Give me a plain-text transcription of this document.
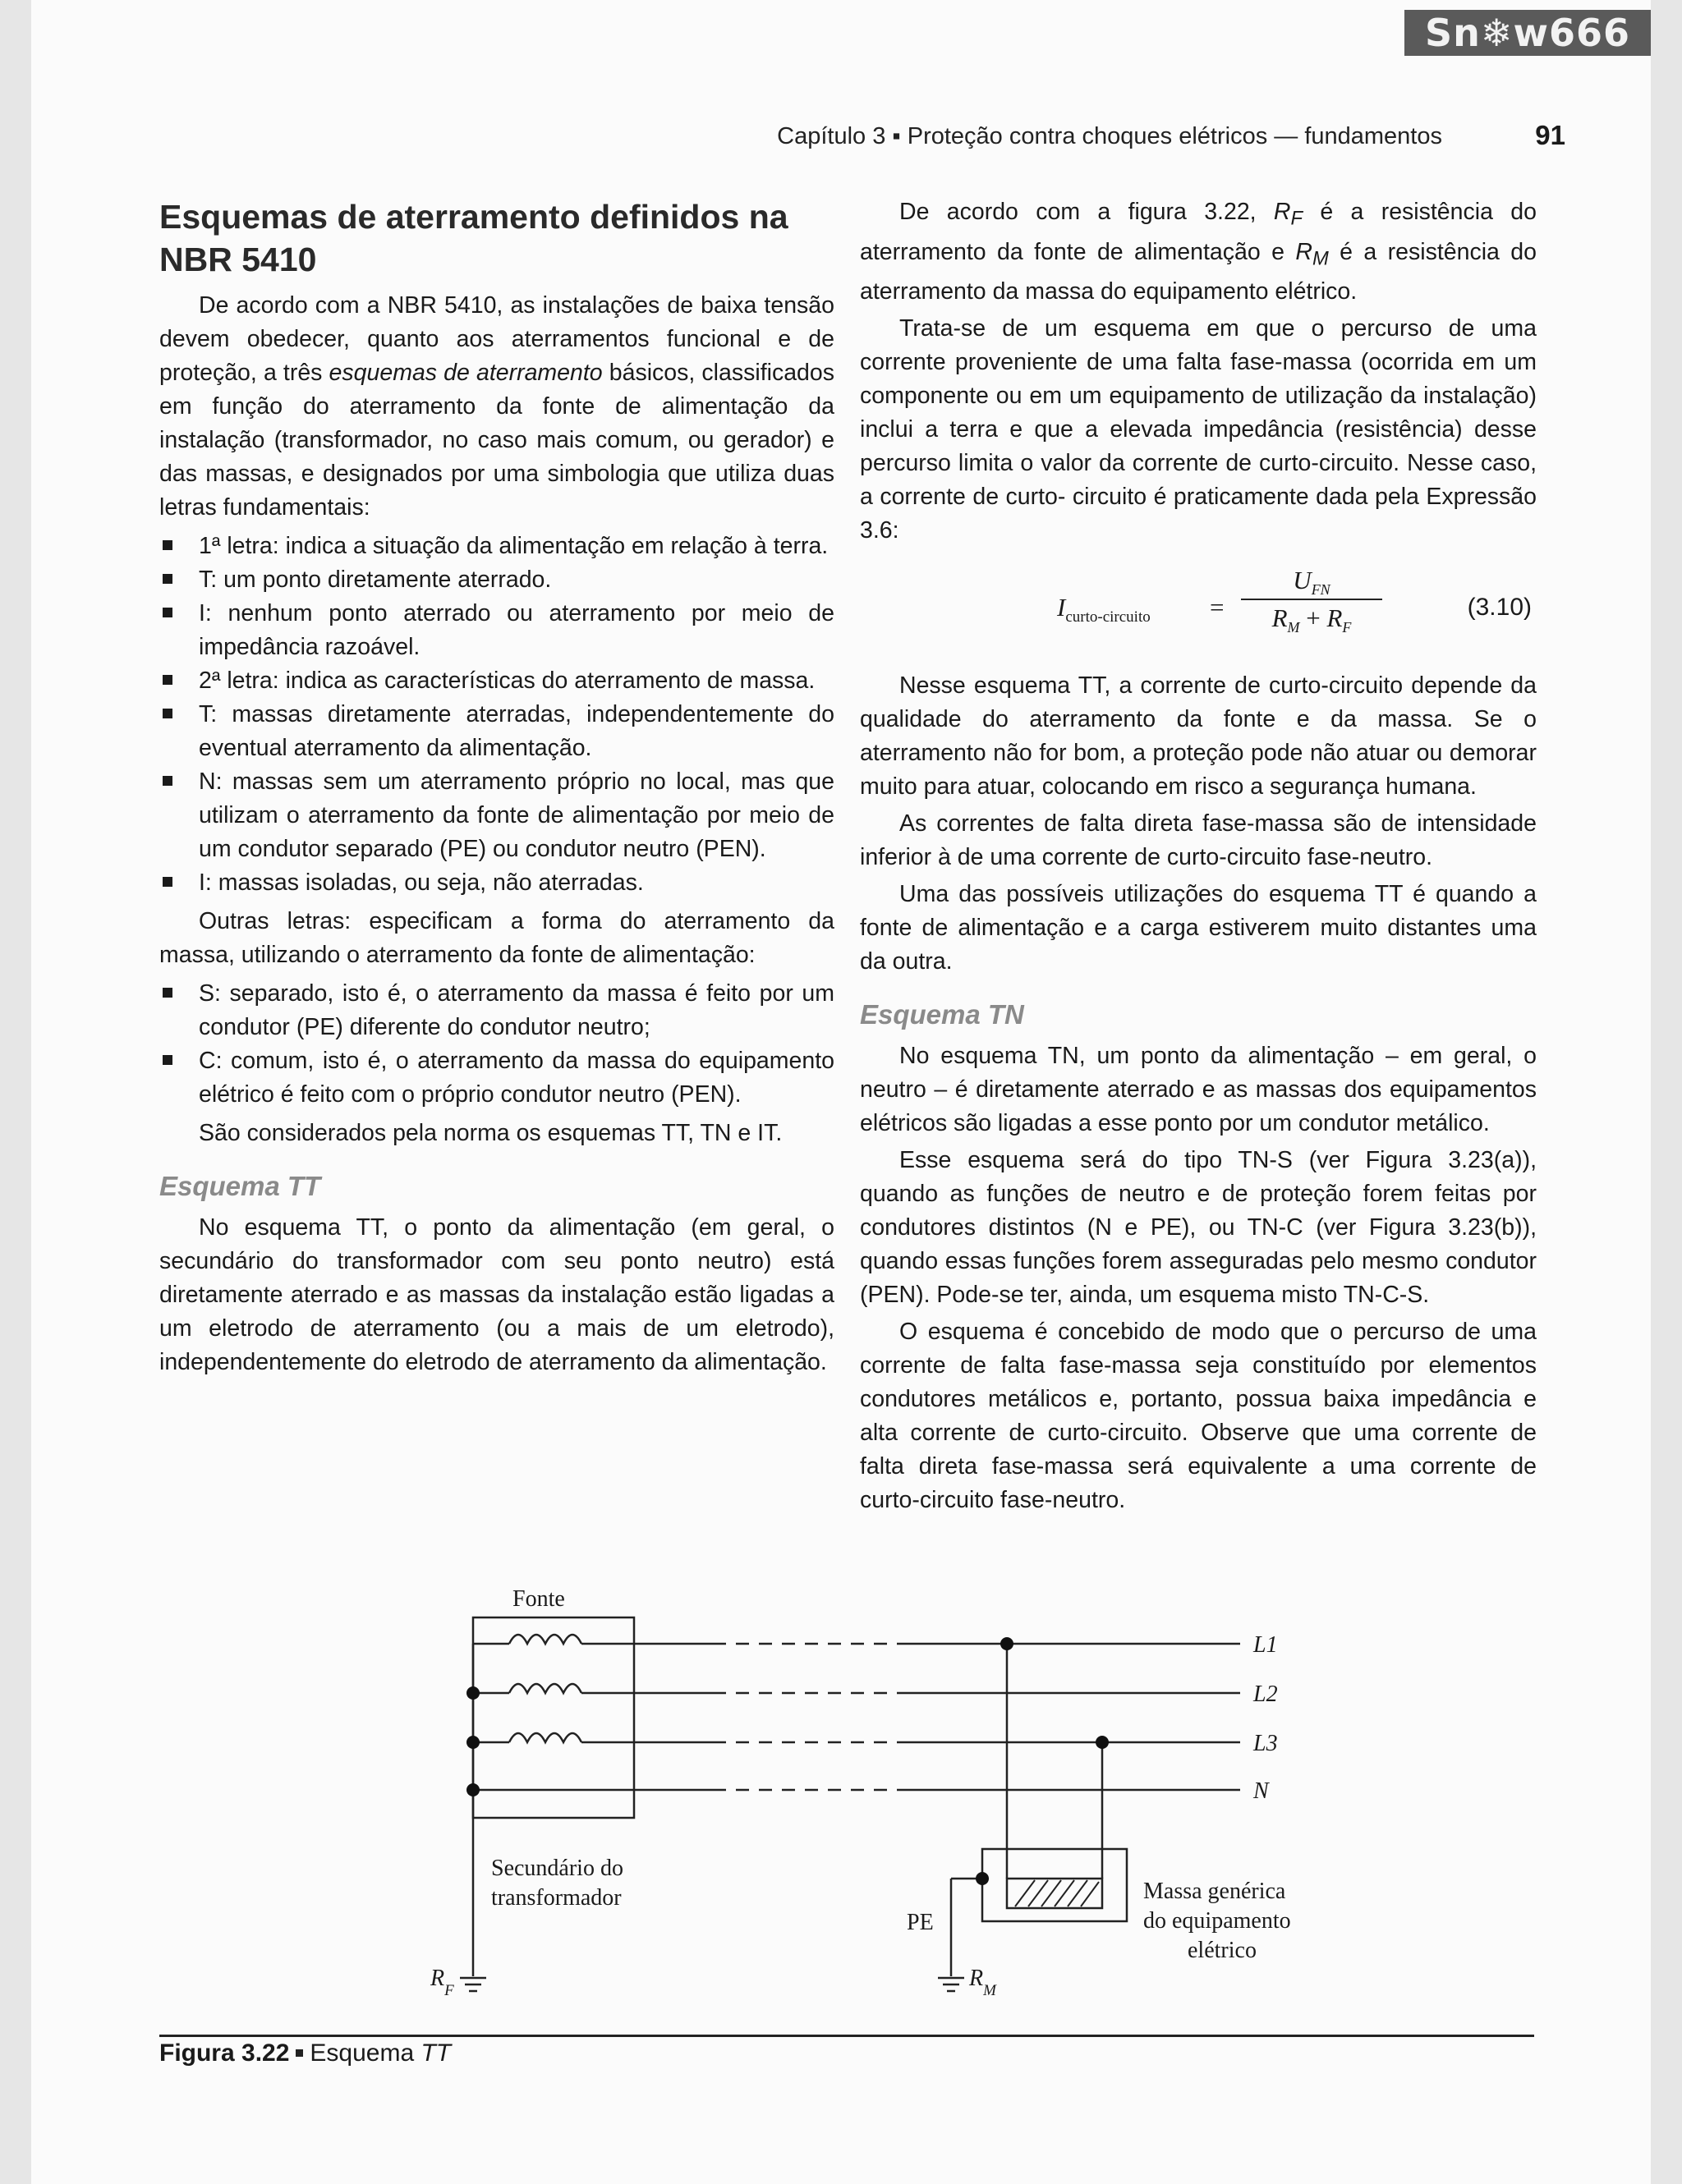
Sn❄w666
Capítulo 3 ▪ Proteção contra choques elétricos — fundamentos	91
Esquemas de aterramento definidos na NBR 5410

De acordo com a NBR 5410, as instalações de baixa tensão devem obedecer, quanto aos aterramentos funcional e de proteção, a três esquemas de aterramento básicos, classificados em função do aterramento da fonte de alimentação da instalação (transformador, no caso mais comum, ou gerador) e das massas, e designados por uma simbologia que utiliza duas letras fundamentais:

1ª letra: indica a situação da alimentação em relação à terra.
T: um ponto diretamente aterrado.
I: nenhum ponto aterrado ou aterramento por meio de impedância razoável.
2ª letra: indica as características do aterramento de massa.
T: massas diretamente aterradas, independentemente do eventual aterramento da alimentação.
N: massas sem um aterramento próprio no local, mas que utilizam o aterramento da fonte de alimentação por meio de um condutor separado (PE) ou condutor neutro (PEN).
I: massas isoladas, ou seja, não aterradas.

Outras letras: especificam a forma do aterramento da massa, utilizando o aterramento da fonte de alimentação:

S: separado, isto é, o aterramento da massa é feito por um condutor (PE) diferente do condutor neutro;
C: comum, isto é, o aterramento da massa do equipamento elétrico é feito com o próprio condutor neutro (PEN).

São considerados pela norma os esquemas TT, TN e IT.

Esquema TT

No esquema TT, o ponto da alimentação (em geral, o secundário do transformador com seu ponto neutro) está diretamente aterrado e as massas da instalação estão ligadas a um eletrodo de aterramento (ou a mais de um eletrodo), independentemente do eletrodo de aterramento da alimentação.

De acordo com a figura 3.22, $R_F$ é a resistência do aterramento da fonte de alimentação e $R_M$ é a resistência do aterramento da massa do equipamento elétrico.

Trata-se de um esquema em que o percurso de uma corrente proveniente de uma falta fase-massa (ocorrida em um componente ou em um equipamento de utilização da instalação) inclui a terra e que a elevada impedância (resistência) desse percurso limita o valor da corrente de curto-circuito. Nesse caso, a corrente de curto- circuito é praticamente dada pela Expressão 3.6:

$I_{curto-circuito}$ =
$U_{FN}$
$R_M + R_F$
(3.10)

Nesse esquema TT, a corrente de curto-circuito depende da qualidade do aterramento da fonte e da massa. Se o aterramento não for bom, a proteção pode não atuar ou demorar muito para atuar, colocando em risco a segurança humana.

As correntes de falta direta fase-massa são de intensidade inferior à de uma corrente de curto-circuito fase-neutro.

Uma das possíveis utilizações do esquema TT é quando a fonte de alimentação e a carga estiverem muito distantes uma da outra.

Esquema TN

No esquema TN, um ponto da alimentação – em geral, o neutro – é diretamente aterrado e as massas dos equipamentos elétricos são ligadas a esse ponto por um condutor metálico.

Esse esquema será do tipo TN-S (ver Figura 3.23(a)), quando as funções de neutro e de proteção forem feitas por condutores distintos (N e PE), ou TN-C (ver Figura 3.23(b)), quando essas funções forem asseguradas pelo mesmo condutor (PEN). Pode-se ter, ainda, um esquema misto TN-C-S.

O esquema é concebido de modo que o percurso de uma corrente de falta fase-massa seja constituído por elementos condutores metálicos e, portanto, possua baixa impedância e alta corrente de curto-circuito. Observe que uma corrente de falta direta fase-massa será equivalente a uma corrente de curto-circuito fase-neutro.

Fonte
Secundário do
transformador
L1
L2
L3
N
PE
Massa genérica
do equipamento
elétrico
$R_F$	$R_M$
Figura 3.22 Esquema TT
